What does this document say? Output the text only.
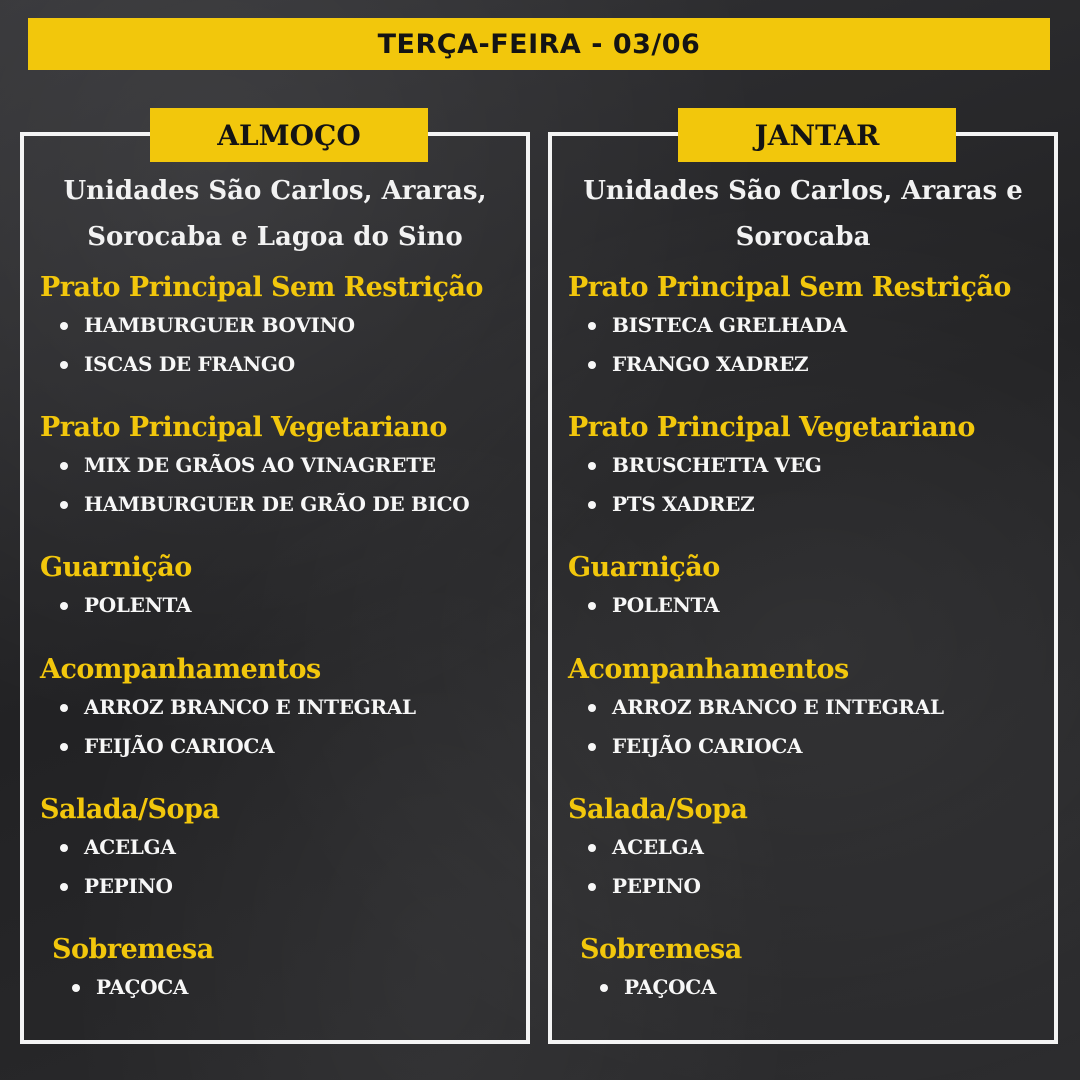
TERÇA-FEIRA - 03/06
ALMOÇO
Unidades São Carlos, Araras,
Sorocaba e Lagoa do Sino
Prato Principal Sem Restrição
HAMBURGUER BOVINO
ISCAS DE FRANGO
Prato Principal Vegetariano
MIX DE GRÃOS AO VINAGRETE
HAMBURGUER DE GRÃO DE BICO
Guarnição
POLENTA
Acompanhamentos
ARROZ BRANCO E INTEGRAL
FEIJÃO CARIOCA
Salada/Sopa
ACELGA
PEPINO
Sobremesa
PAÇOCA
JANTAR
Unidades São Carlos, Araras e
Sorocaba
Prato Principal Sem Restrição
BISTECA GRELHADA
FRANGO XADREZ
Prato Principal Vegetariano
BRUSCHETTA VEG
PTS XADREZ
Guarnição
POLENTA
Acompanhamentos
ARROZ BRANCO E INTEGRAL
FEIJÃO CARIOCA
Salada/Sopa
ACELGA
PEPINO
Sobremesa
PAÇOCA
